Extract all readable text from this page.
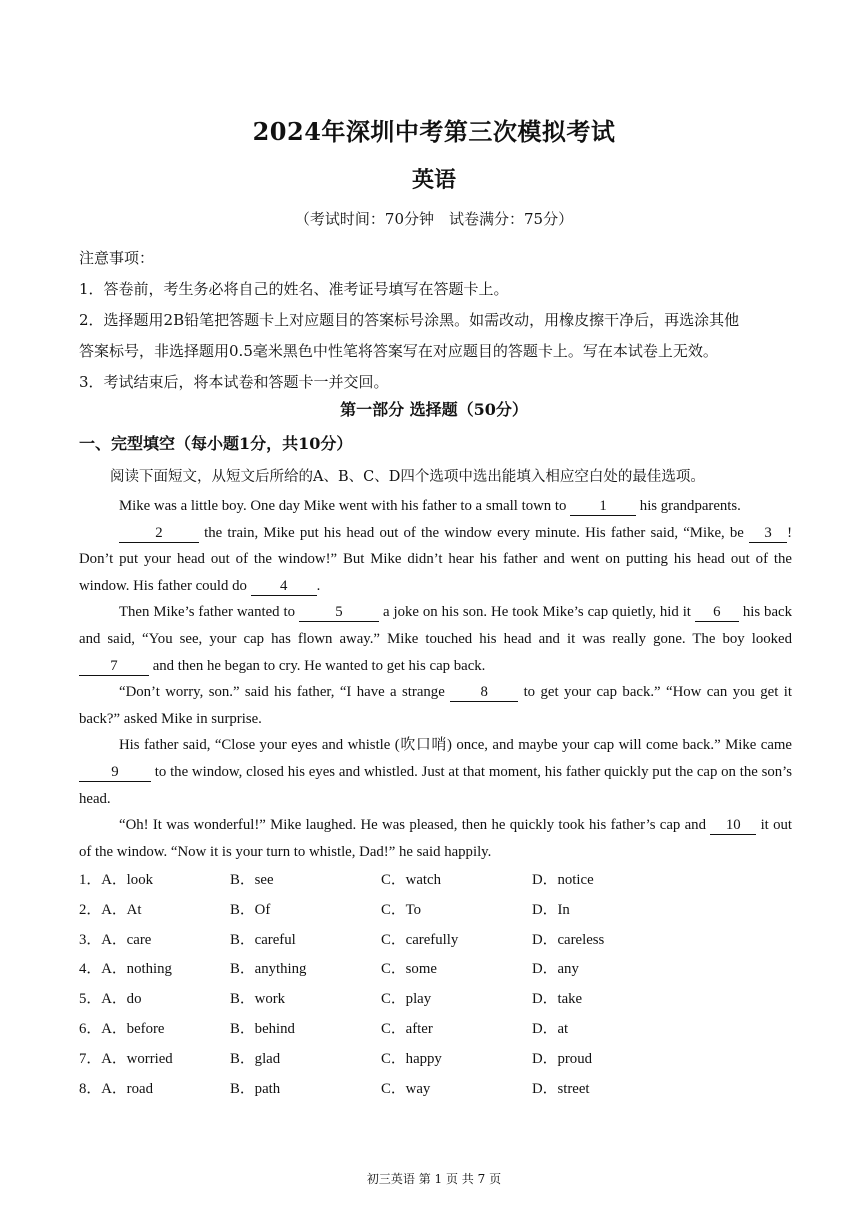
2024年深圳中考第三次模拟考试
英语
（考试时间：70分钟　试卷满分：75分）

注意事项：

1．答卷前，考生务必将自己的姓名、准考证号填写在答题卡上。

2．选择题用2B铅笔把答题卡上对应题目的答案标号涂黑。如需改动，用橡皮擦干净后，再选涂其他

答案标号，非选择题用0.5毫米黑色中性笔将答案写在对应题目的答题卡上。写在本试卷上无效。

3．考试结束后，将本试卷和答题卡一并交回。

第一部分 选择题（50分）
一、完型填空（每小题1分，共10分）
阅读下面短文，从短文后所给的A、B、C、D四个选项中选出能填入相应空白处的最佳选项。

Mike was a little boy. One day Mike went with his father to a small town to 1 his grandparents.

2 the train, Mike put his head out of the window every minute. His father said, “Mike, be 3 ! Don’t put your head out of the window!” But Mike didn’t hear his father and went on putting his head out of the window. His father could do 4 .

Then Mike’s father wanted to 5 a joke on his son. He took Mike’s cap quietly, hid it 6 his back and said, “You see, your cap has flown away.” Mike touched his head and it was really gone. The boy looked 7 and then he began to cry. He wanted to get his cap back.

“Don’t worry, son.” said his father, “I have a strange 8 to get your cap back.” “How can you get it back?” asked Mike in surprise.

His father said, “Close your eyes and whistle (吹口哨) once, and maybe your cap will come back.” Mike came 9 to the window, closed his eyes and whistled. Just at that moment, his father quickly put the cap on the son’s head.

“Oh! It was wonderful!” Mike laughed. He was pleased, then he quickly took his father’s cap and 10 it out of the window. “Now it is your turn to whistle, Dad!” he said happily.

1．A．look	B．see	C．watch	D．notice
2．A．At	B．Of	C．To	D．In
3．A．care	B．careful	C．carefully	D．careless
4．A．nothing	B．anything	C．some	D．any
5．A．do	B．work	C．play	D．take
6．A．before	B．behind	C．after	D．at
7．A．worried	B．glad	C．happy	D．proud
8．A．road	B．path	C．way	D．street
初三英语 第 1 页 共 7 页
